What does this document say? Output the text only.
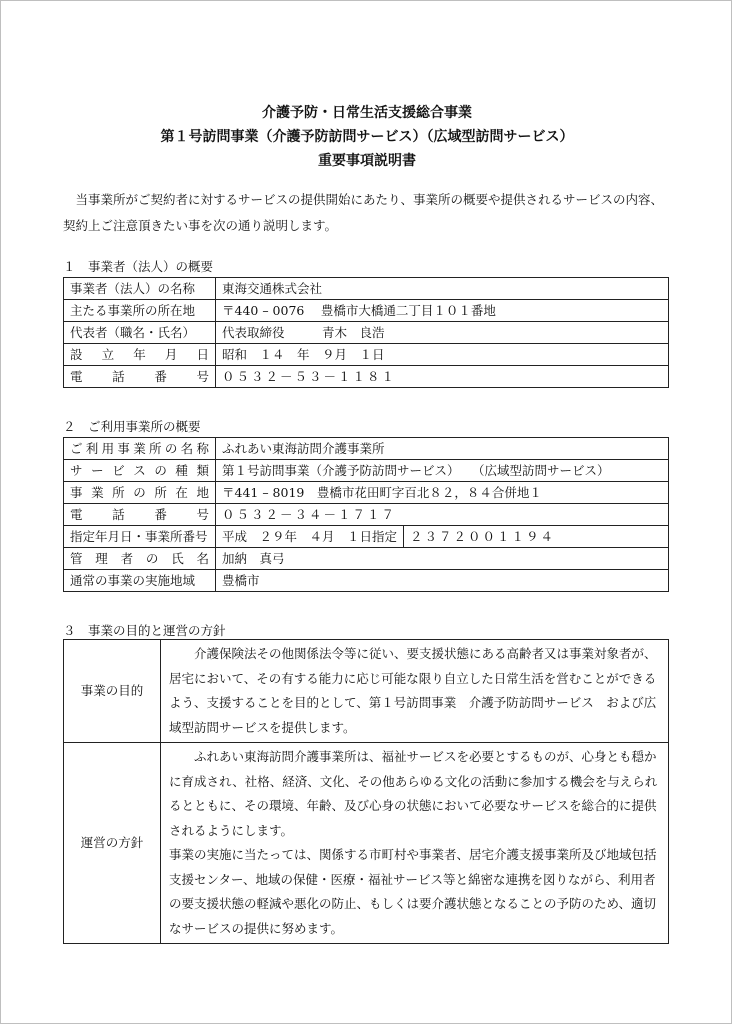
介護予防・日常生活支援総合事業
第１号訪問事業（介護予防訪問サービス）（広域型訪問サービス）
重要事項説明書

当事業所がご契約者に対するサービスの提供開始にあたり、事業所の概要や提供されるサービスの内容、契約上ご注意頂きたい事を次の通り説明します。

１　事業者（法人）の概要
事業者（法人）の名称	東海交通株式会社
主たる事業所の所在地	〒440 – 0076　 豊橋市大橋通二丁目１０１番地
代表者（職名・氏名）	代表取締役　　　青木　良浩
設立年月日	昭和　１４　年　９月　１日
電話番号	０５３２－５３－１１８１
２　ご利用事業所の概要
ご利用事業所の名称	ふれあい東海訪問介護事業所	
サービスの種類	第１号訪問事業（介護予防訪問サービス）　　（広域型訪問サービス）	
事業所の所在地	〒441 – 8019　豊橋市花田町字百北８２，８４合併地１	
電話番号	０５３２－３４－１７１７	
指定年月日・事業所番号	平成　２９年　４月　１日指定	２３７２００１１９４
管理者の氏名	加納　真弓	
通常の事業の実施地域	豊橋市	
３　事業の目的と運営の方針
事業の目的	介護保険法その他関係法令等に従い、要支援状態にある高齢者又は事業対象者が、居宅において、その有する能力に応じ可能な限り自立した日常生活を営むことができるよう、支援することを目的として、第１号訪問事業　介護予防訪問サービス　および広域型訪問サービスを提供します。

運営の方針	ふれあい東海訪問介護事業所は、福祉サービスを必要とするものが、心身とも穏かに育成され、社格、経済、文化、その他あらゆる文化の活動に参加する機会を与えられるとともに、その環境、年齢、及び心身の状態において必要なサービスを総合的に提供されるようにします。

事業の実施に当たっては、関係する市町村や事業者、居宅介護支援事業所及び地域包括支援センター、地域の保健・医療・福祉サービス等と綿密な連携を図りながら、利用者の要支援状態の軽減や悪化の防止、もしくは要介護状態となることの予防のため、適切なサービスの提供に努めます。
